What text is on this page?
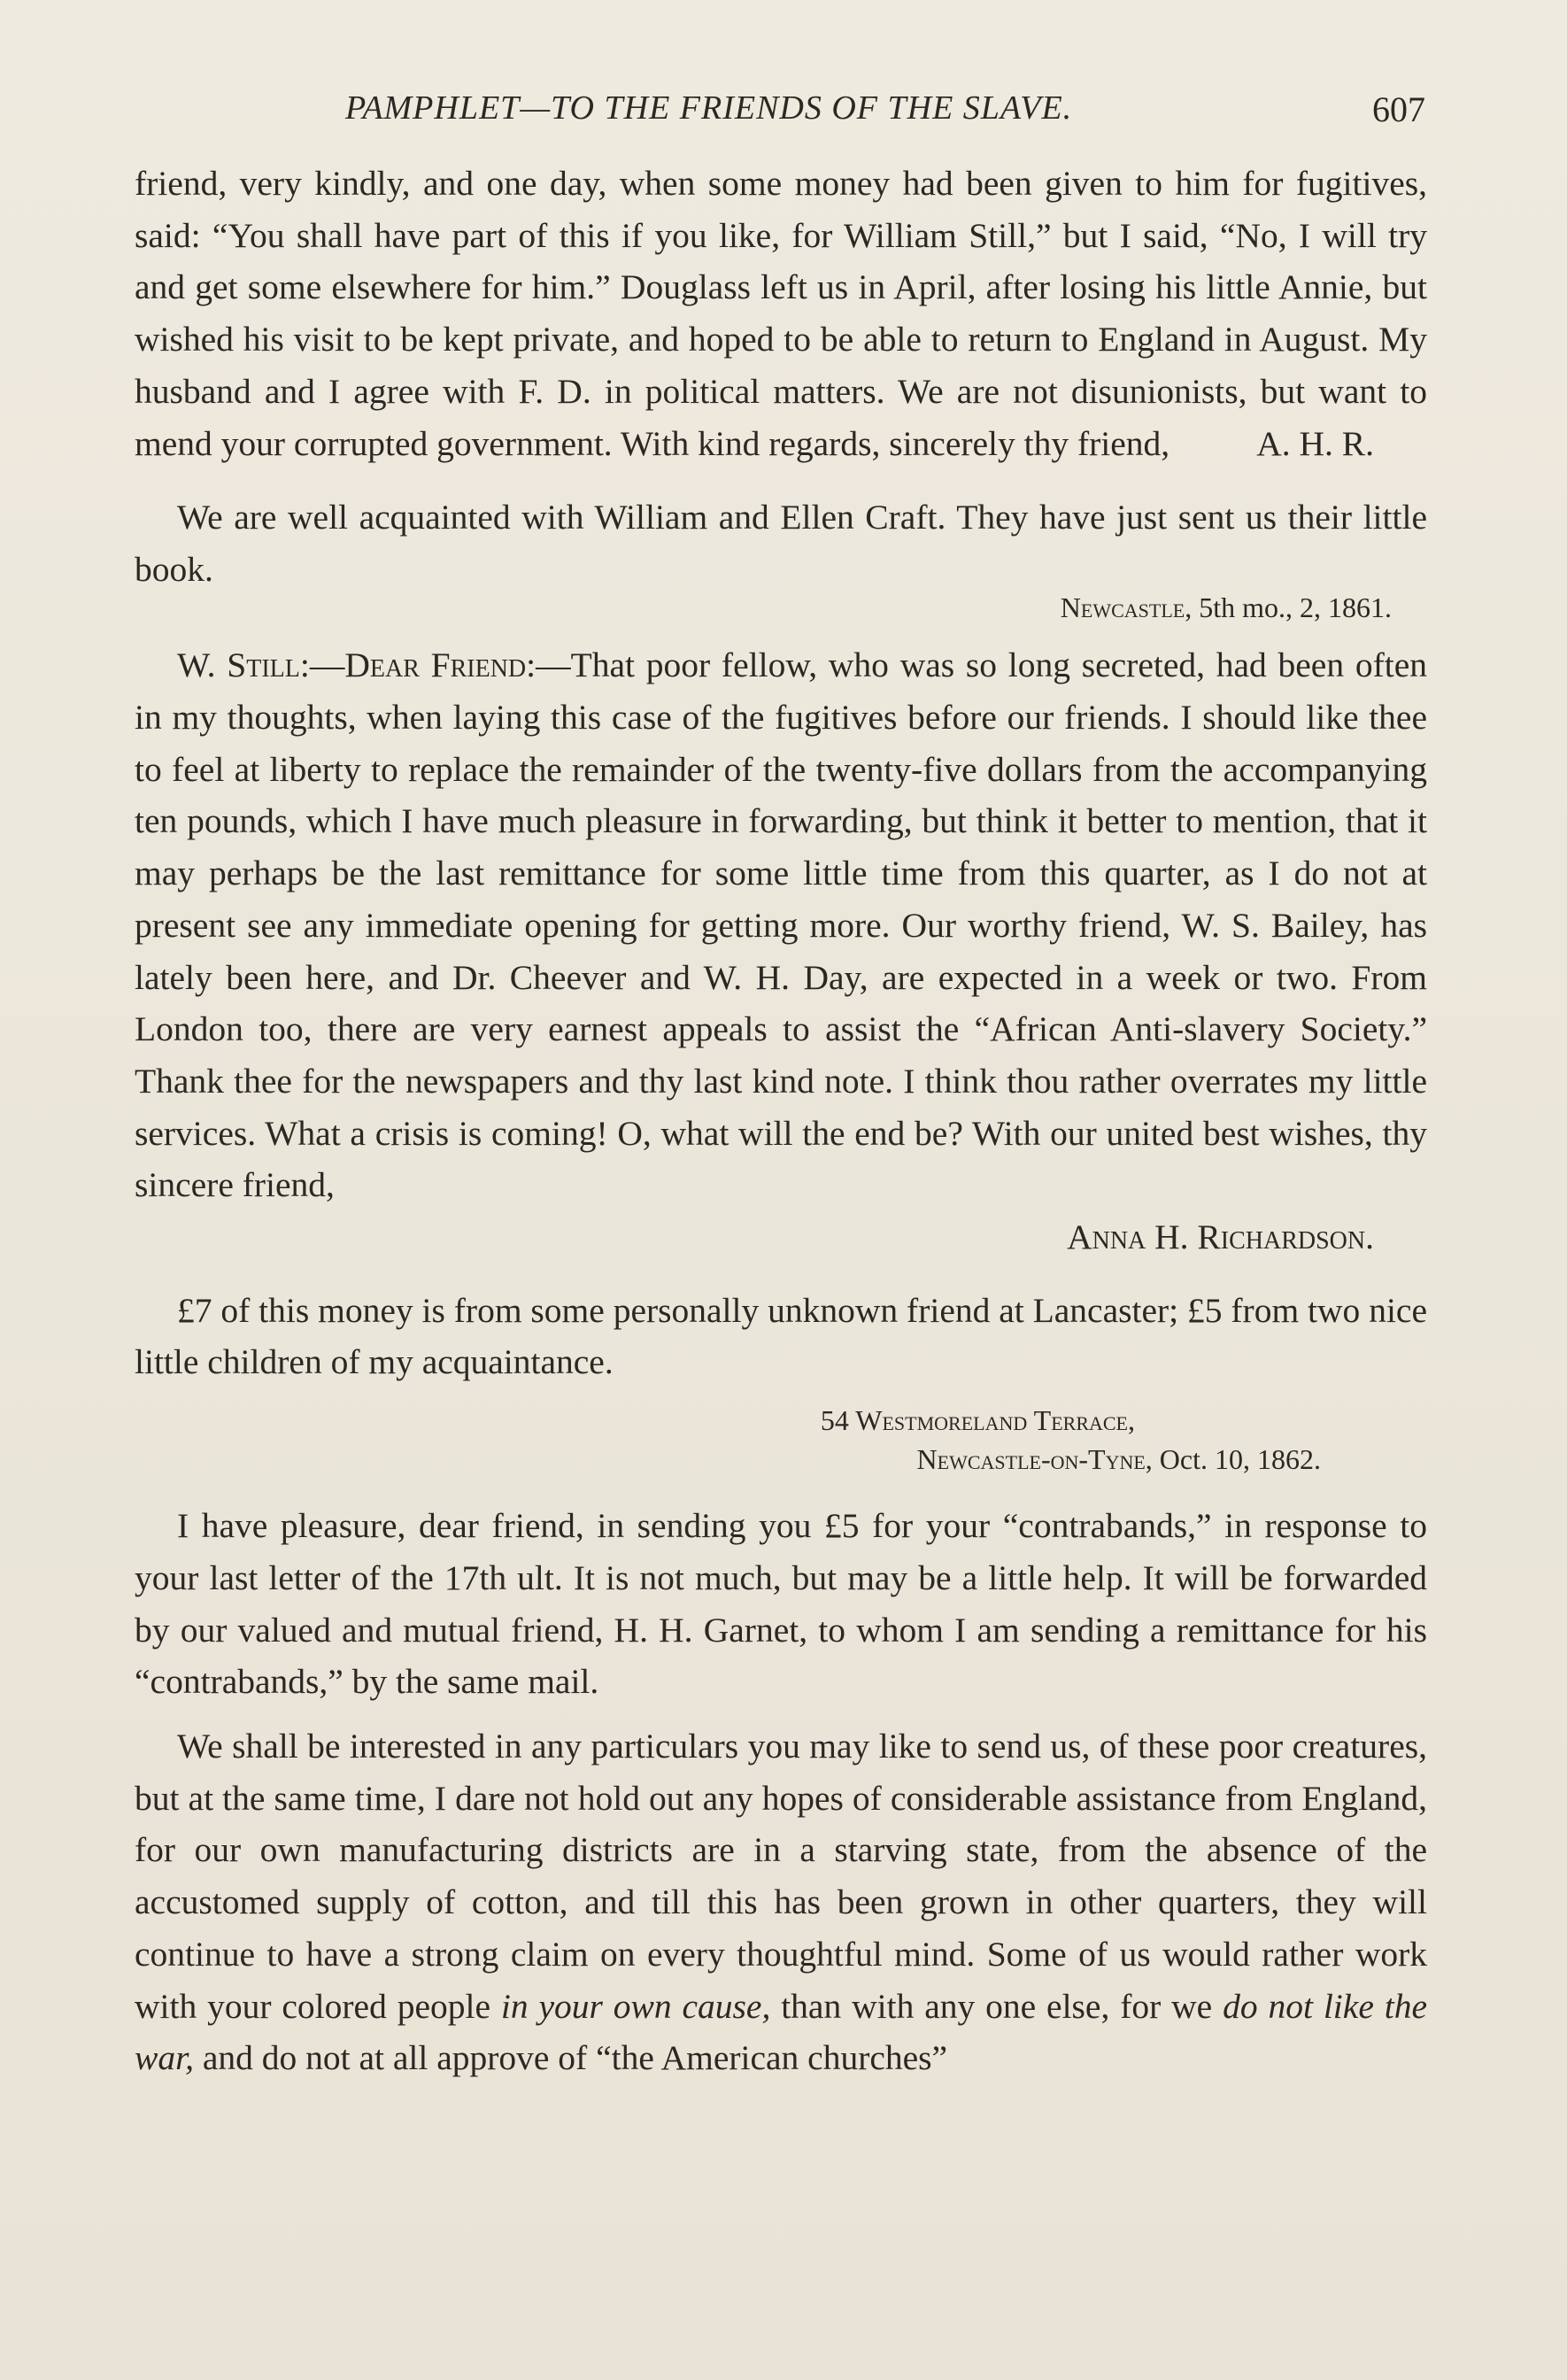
PAMPHLET—TO THE FRIENDS OF THE SLAVE.	607

friend, very kindly, and one day, when some money had been given to him for fugitives, said: “You shall have part of this if you like, for William Still,” but I said, “No, I will try and get some elsewhere for him.” Douglass left us in April, after losing his little Annie, but wished his visit to be kept private, and hoped to be able to return to England in August. My husband and I agree with F. D. in political matters. We are not disunionists, but want to mend your corrupted government. With kind regards, sincerely thy friend,	A. H. R.

We are well acquainted with William and Ellen Craft. They have just sent us their little book.

Newcastle, 5th mo., 2, 1861.

W. Still:—Dear Friend:—That poor fellow, who was so long secreted, had been often in my thoughts, when laying this case of the fugitives before our friends. I should like thee to feel at liberty to replace the remainder of the twenty-five dollars from the accompanying ten pounds, which I have much pleasure in forwarding, but think it better to mention, that it may perhaps be the last remittance for some little time from this quarter, as I do not at present see any immediate opening for getting more. Our worthy friend, W. S. Bailey, has lately been here, and Dr. Cheever and W. H. Day, are expected in a week or two. From London too, there are very earnest appeals to assist the “African Anti-slavery Society.” Thank thee for the newspapers and thy last kind note. I think thou rather overrates my little services. What a crisis is coming! O, what will the end be? With our united best wishes, thy sincere friend,

Anna H. Richardson.

£7 of this money is from some personally unknown friend at Lancaster; £5 from two nice little children of my acquaintance.

54 Westmoreland Terrace,

Newcastle-on-Tyne, Oct. 10, 1862.

I have pleasure, dear friend, in sending you £5 for your “contrabands,” in response to your last letter of the 17th ult. It is not much, but may be a little help. It will be forwarded by our valued and mutual friend, H. H. Garnet, to whom I am sending a remittance for his “contrabands,” by the same mail.

We shall be interested in any particulars you may like to send us, of these poor creatures, but at the same time, I dare not hold out any hopes of considerable assistance from England, for our own manufacturing districts are in a starving state, from the absence of the accustomed supply of cotton, and till this has been grown in other quarters, they will continue to have a strong claim on every thoughtful mind. Some of us would rather work with your colored people in your own cause, than with any one else, for we do not like the war, and do not at all approve of “the American churches”
